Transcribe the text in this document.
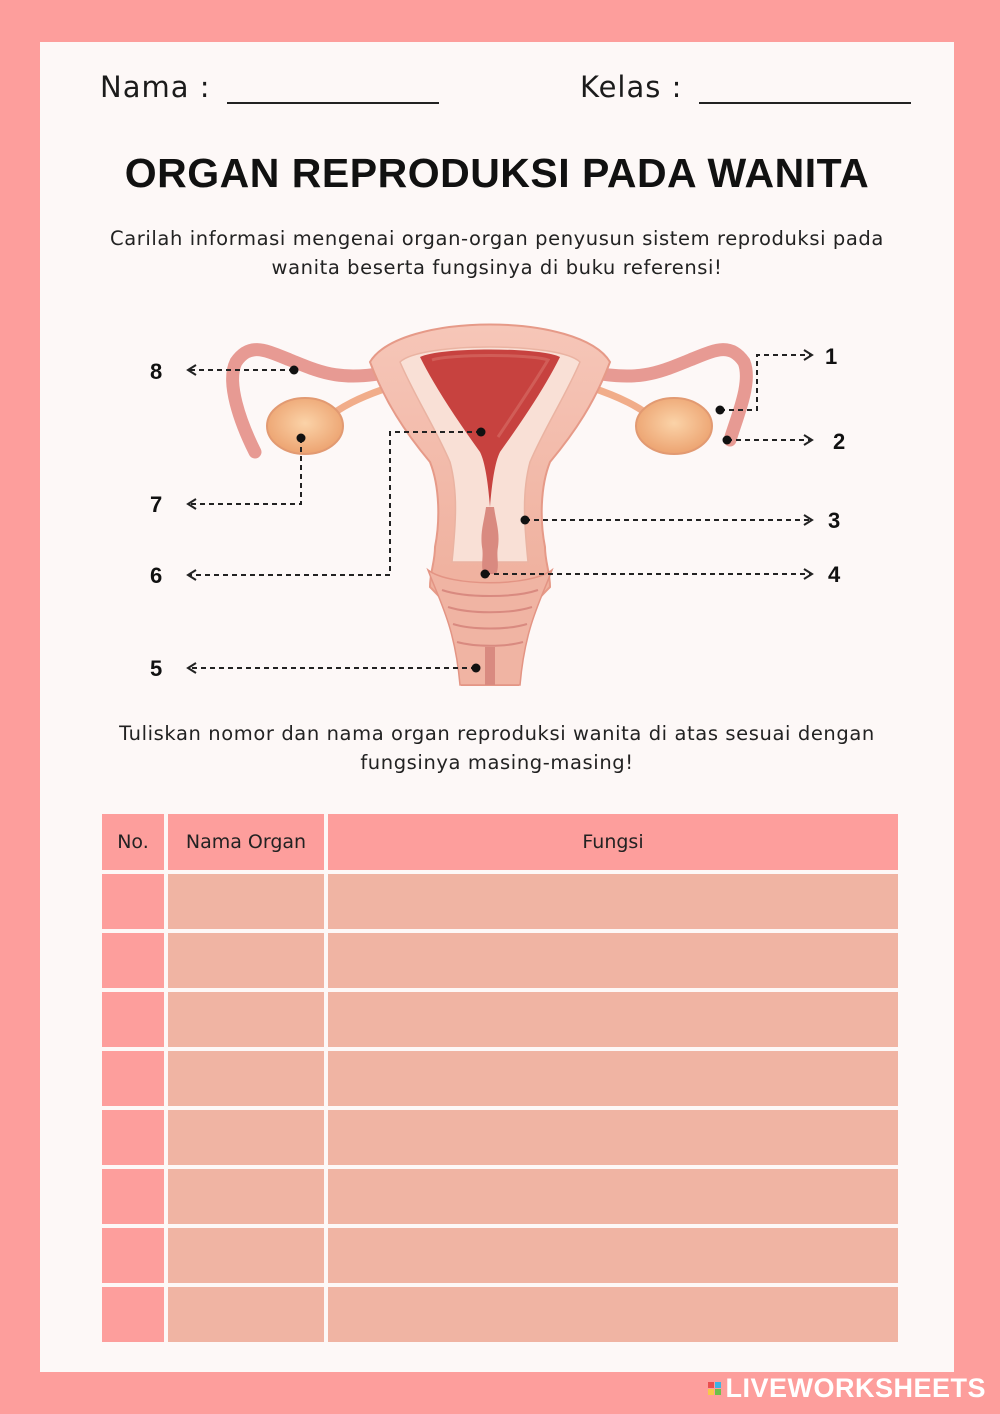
Nama :	Kelas :
ORGAN REPRODUKSI PADA WANITA
Carilah informasi mengenai organ-organ penyusun sistem reproduksi pada wanita beserta fungsinya di buku referensi!
1
2
3
4
5
6
7
8
Tuliskan nomor dan nama organ reproduksi wanita di atas sesuai dengan fungsinya masing-masing!
No.	Nama Organ	Fungsi

LIVEWORKSHEETS
